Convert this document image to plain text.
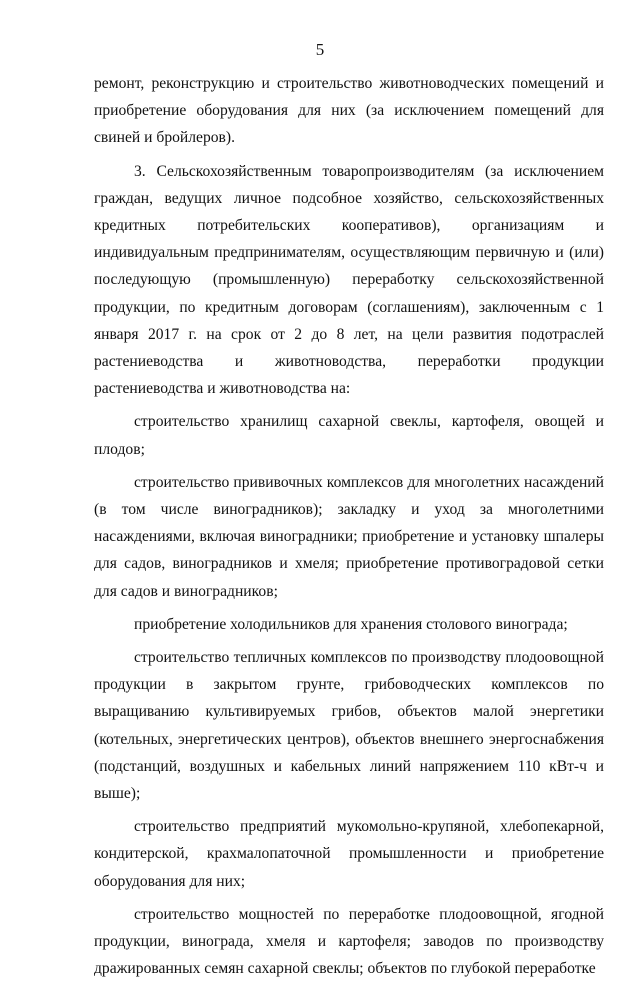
5

ремонт, реконструкцию и строительство животноводческих помещений и приобретение оборудования для них (за исключением помещений для свиней и бройлеров).

3. Сельскохозяйственным товаропроизводителям (за исключением граждан, ведущих личное подсобное хозяйство, сельскохозяйственных кредитных потребительских кооперативов), организациям и индивидуальным предпринимателям, осуществляющим первичную и (или) последующую (промышленную) переработку сельскохозяйственной продукции, по кредитным договорам (соглашениям), заключенным с 1 января 2017 г. на срок от 2 до 8 лет, на цели развития подотраслей растениеводства и животноводства, переработки продукции растениеводства и животноводства на:

строительство хранилищ сахарной свеклы, картофеля, овощей и плодов;

строительство прививочных комплексов для многолетних насаждений (в том числе виноградников); закладку и уход за многолетними насаждениями, включая виноградники; приобретение и установку шпалеры для садов, виноградников и хмеля; приобретение противоградовой сетки для садов и виноградников;

приобретение холодильников для хранения столового винограда;

строительство тепличных комплексов по производству плодоовощной продукции в закрытом грунте, грибоводческих комплексов по выращиванию культивируемых грибов, объектов малой энергетики (котельных, энергетических центров), объектов внешнего энергоснабжения (подстанций, воздушных и кабельных линий напряжением 110 кВт-ч и выше);

строительство предприятий мукомольно-крупяной, хлебопекарной, кондитерской, крахмалопаточной промышленности и приобретение оборудования для них;

строительство мощностей по переработке плодоовощной, ягодной продукции, винограда, хмеля и картофеля; заводов по производству дражированных семян сахарной свеклы; объектов по глубокой переработке
